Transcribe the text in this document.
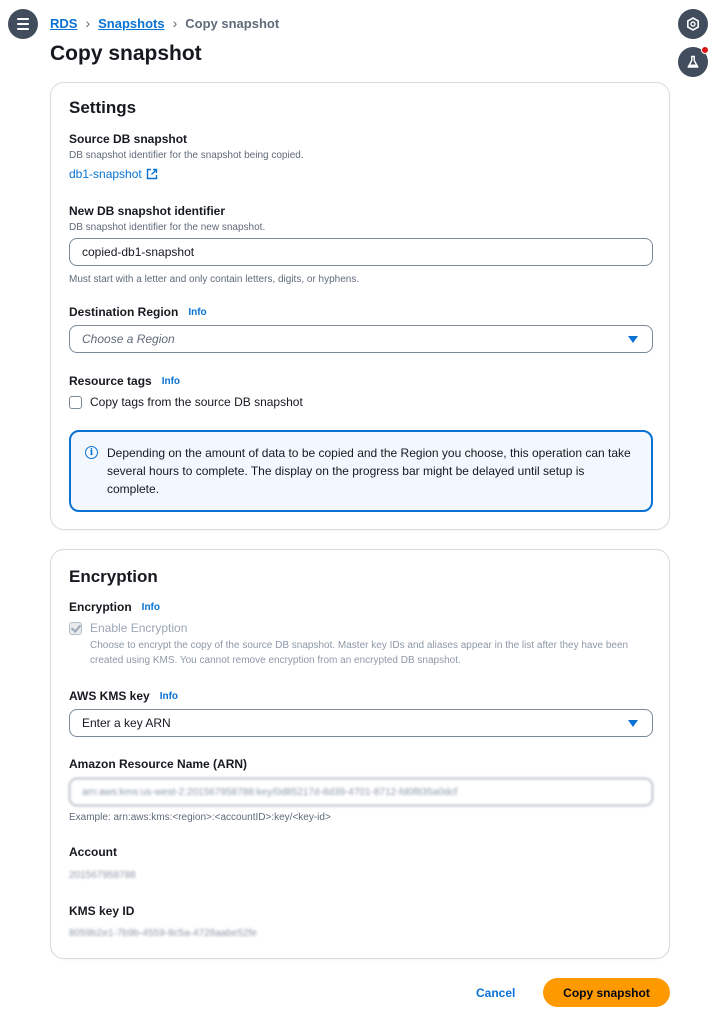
RDS › Snapshots › Copy snapshot
Copy snapshot
Settings
Source DB snapshot
DB snapshot identifier for the snapshot being copied.
db1-snapshot
New DB snapshot identifier
DB snapshot identifier for the new snapshot.
copied-db1-snapshot
Must start with a letter and only contain letters, digits, or hyphens.
Destination Region Info
Choose a Region
Resource tags Info
Copy tags from the source DB snapshot
i	Depending on the amount of data to be copied and the Region you choose, this operation can take several hours to complete. The display on the progress bar might be delayed until setup is complete.
Encryption
Encryption Info
Enable Encryption
Choose to encrypt the copy of the source DB snapshot. Master key IDs and aliases appear in the list after they have been created using KMS. You cannot remove encryption from an encrypted DB snapshot.
AWS KMS key Info
Enter a key ARN
Amazon Resource Name (ARN)
arn:aws:kms:us-west-2:201567958788:key/0d85217d-8d39-4701-8712-fd0f835a0dcf
Example: arn:aws:kms:<region>:<accountID>:key/<key-id>
Account
201567958788
KMS key ID
8059b2e1-7b9b-4559-8c5a-4728aabe52fe
Cancel	Copy snapshot
